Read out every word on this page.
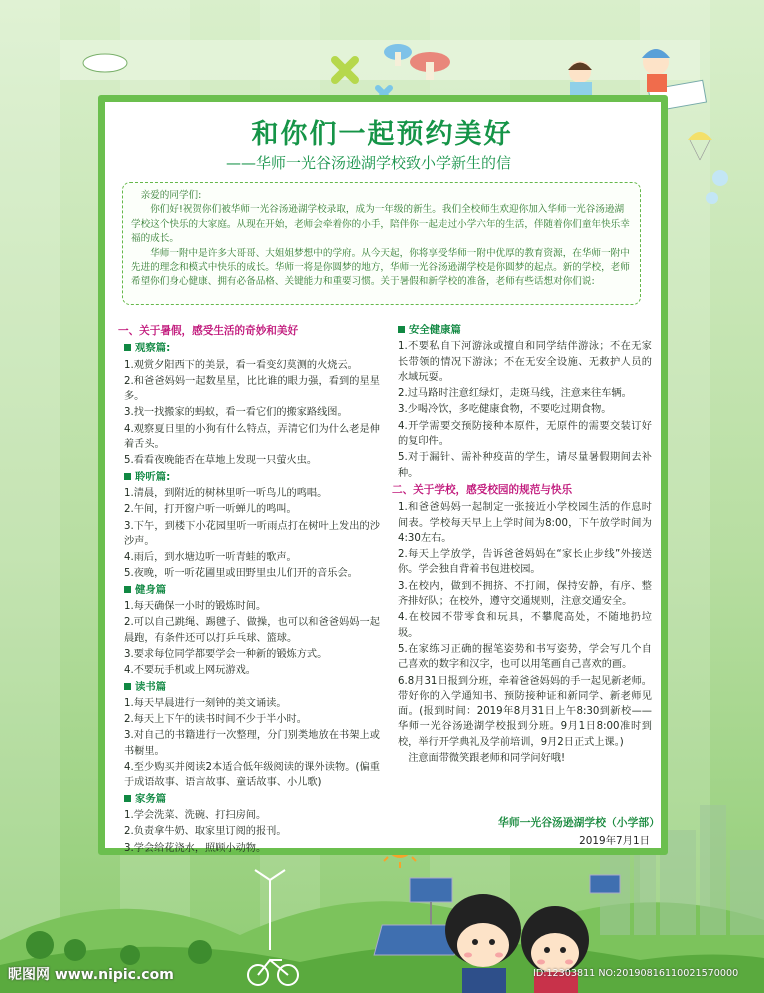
和你们一起预约美好
——华师一光谷汤逊湖学校致小学新生的信

亲爱的同学们:

你们好!祝贺你们被华师一光谷汤逊湖学校录取，成为一年级的新生。我们全校师生欢迎你加入华师一光谷汤逊湖学校这个快乐的大家庭。从现在开始，老师会牵着你的小手，陪伴你一起走过小学六年的生活，伴随着你们童年快乐幸福的成长。

华师一附中是许多大哥哥、大姐姐梦想中的学府。从今天起，你将享受华师一附中优厚的教育资源，在华师一附中先进的理念和模式中快乐的成长。华师一将是你圆梦的地方，华师一光谷汤逊湖学校是你圆梦的起点。新的学校，老师希望你们身心健康、拥有必备品格、关键能力和重要习惯。关于暑假和新学校的准备，老师有些话想对你们说:

一、关于暑假，感受生活的奇妙和美好
观察篇:
1.观赏夕阳西下的美景，看一看变幻莫测的火烧云。
2.和爸爸妈妈一起数星星，比比谁的眼力强，看到的星星多。
3.找一找搬家的蚂蚁，看一看它们的搬家路线图。
4.观察夏日里的小狗有什么特点，弄清它们为什么老是伸着舌头。
5.看看夜晚能否在草地上发现一只萤火虫。
聆听篇:
1.清晨，到附近的树林里听一听鸟儿的鸣唱。
2.午间，打开窗户听一听蝉儿的鸣叫。
3.下午，到楼下小花园里听一听雨点打在树叶上发出的沙沙声。
4.雨后，到水塘边听一听青蛙的歌声。
5.夜晚，听一听花圃里或田野里虫儿们开的音乐会。
健身篇
1.每天确保一小时的锻炼时间。
2.可以自己跳绳、踢毽子、做操，也可以和爸爸妈妈一起晨跑，有条件还可以打乒乓球、篮球。
3.要求每位同学都要学会一种新的锻炼方式。
4.不要玩手机或上网玩游戏。
读书篇
1.每天早晨进行一刻钟的美文诵读。
2.每天上下午的读书时间不少于半小时。
3.对自己的书籍进行一次整理，分门别类地放在书架上或书橱里。
4.至少购买并阅读2本适合低年级阅读的课外读物。(偏重于成语故事、语言故事、童话故事、小儿歌)
家务篇
1.学会洗菜、洗碗、打扫房间。
2.负责拿牛奶、取家里订阅的报刊。
3.学会给花浇水，照顾小动物。
安全健康篇
1.不要私自下河游泳或擅自和同学结伴游泳；不在无家长带领的情况下游泳；不在无安全设施、无救护人员的水域玩耍。
2.过马路时注意红绿灯，走斑马线，注意来往车辆。
3.少喝冷饮，多吃健康食物，不要吃过期食物。
4.开学需要交预防接种本原件，无原件的需要交装订好的复印件。
5.对于漏针、需补种疫苗的学生，请尽量暑假期间去补种。
二、关于学校，感受校园的规范与快乐
1.和爸爸妈妈一起制定一张接近小学校园生活的作息时间表。学校每天早上上学时间为8:00，下午放学时间为4:30左右。
2.每天上学放学，告诉爸爸妈妈在“家长止步线”外接送你。学会独自背着书包进校园。
3.在校内，做到不拥挤、不打闹，保持安静，有序、整齐排好队；在校外，遵守交通规则，注意交通安全。
4.在校园不带零食和玩具，不攀爬高处，不随地扔垃圾。
5.在家练习正确的握笔姿势和书写姿势，学会写几个自己喜欢的数字和汉字，也可以用笔画自己喜欢的画。
6.8月31日报到分班，牵着爸爸妈妈的手一起见新老师。带好你的入学通知书、预防接种证和新同学、新老师见面。(报到时间：2019年8月31日上午8:30到新校——华师一光谷汤逊湖学校报到分班。9月1日8:00准时到校，举行开学典礼及学前培训，9月2日正式上课。)
注意面带微笑跟老师和同学问好哦!
华师一光谷汤逊湖学校（小学部）
2019年7月1日
昵图网 www.nipic.com	ID:12303811 NO:20190816110021570000
